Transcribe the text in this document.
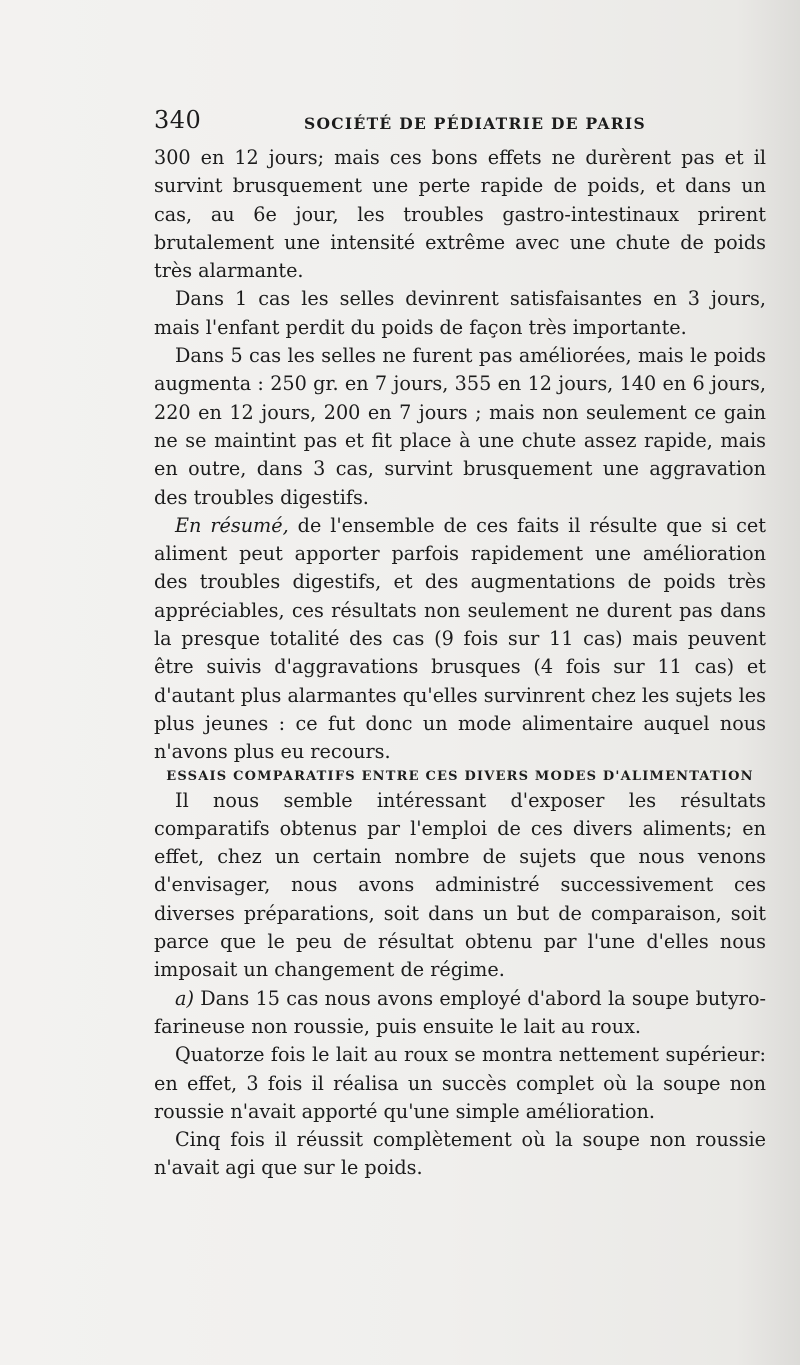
340	SOCIÉTÉ DE PÉDIATRIE DE PARIS

300 en 12 jours; mais ces bons effets ne durèrent pas et il survint brusquement une perte rapide de poids, et dans un cas, au 6e jour, les troubles gastro-intestinaux prirent brutalement une intensité extrême avec une chute de poids très alarmante.

Dans 1 cas les selles devinrent satisfaisantes en 3 jours, mais l'enfant perdit du poids de façon très importante.

Dans 5 cas les selles ne furent pas améliorées, mais le poids augmenta : 250 gr. en 7 jours, 355 en 12 jours, 140 en 6 jours, 220 en 12 jours, 200 en 7 jours ; mais non seulement ce gain ne se maintint pas et fit place à une chute assez rapide, mais en outre, dans 3 cas, survint brusquement une aggravation des troubles digestifs.

En résumé, de l'ensemble de ces faits il résulte que si cet aliment peut apporter parfois rapidement une amélioration des troubles digestifs, et des augmentations de poids très appréciables, ces résultats non seulement ne durent pas dans la presque totalité des cas (9 fois sur 11 cas) mais peuvent être suivis d'aggravations brusques (4 fois sur 11 cas) et d'autant plus alarmantes qu'elles survinrent chez les sujets les plus jeunes : ce fut donc un mode alimentaire auquel nous n'avons plus eu recours.

ESSAIS COMPARATIFS ENTRE CES DIVERS MODES D'ALIMENTATION

Il nous semble intéressant d'exposer les résultats comparatifs obtenus par l'emploi de ces divers aliments; en effet, chez un certain nombre de sujets que nous venons d'envisager, nous avons administré successivement ces diverses préparations, soit dans un but de comparaison, soit parce que le peu de résultat obtenu par l'une d'elles nous imposait un changement de régime.

a) Dans 15 cas nous avons employé d'abord la soupe butyro-farineuse non roussie, puis ensuite le lait au roux.

Quatorze fois le lait au roux se montra nettement supérieur: en effet, 3 fois il réalisa un succès complet où la soupe non roussie n'avait apporté qu'une simple amélioration.

Cinq fois il réussit complètement où la soupe non roussie n'avait agi que sur le poids.
